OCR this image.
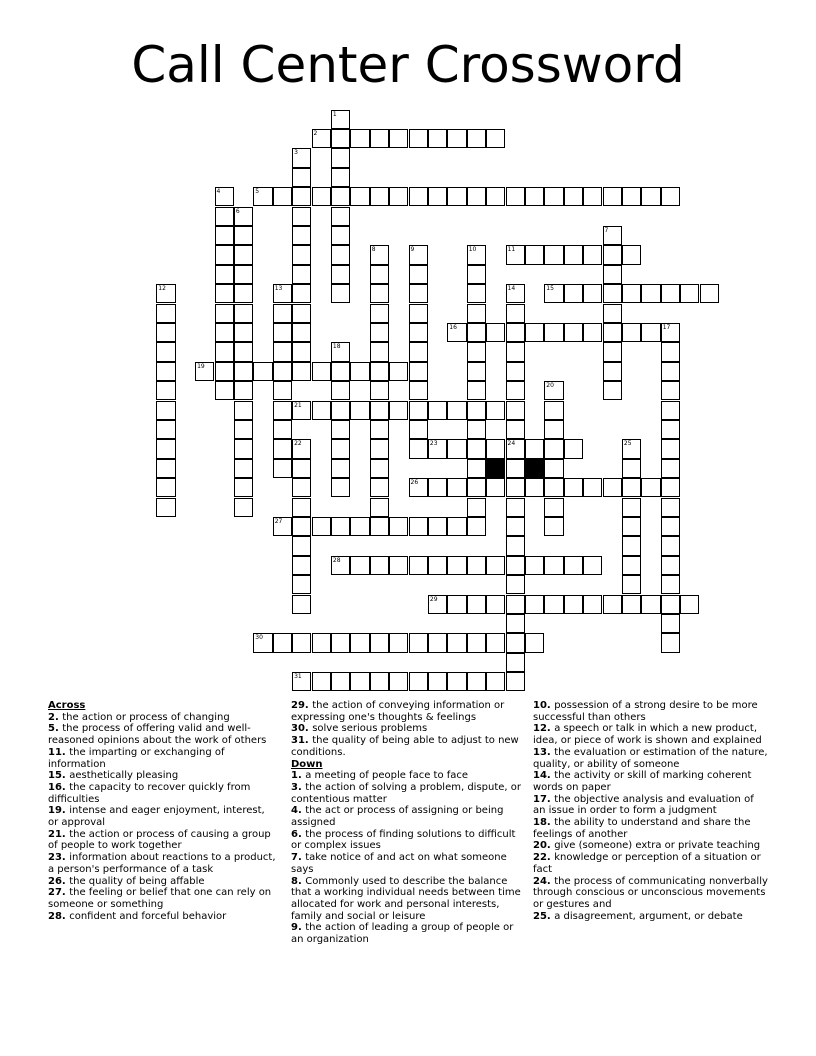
Call Center Crossword
2
5
11
15
16	17
19
21
23	24
26
27
28
29
30
31
1
3
4
6
7
8	9	10
12	13	14
18
20
22	25
Across
2. the action or process of changing
5. the process of offering valid and well-reasoned opinions about the work of others
11. the imparting or exchanging of information
15. aesthetically pleasing
16. the capacity to recover quickly from difficulties
19. intense and eager enjoyment, interest, or approval
21. the action or process of causing a group of people to work together
23. information about reactions to a product, a person's performance of a task
26. the quality of being affable
27. the feeling or belief that one can rely on someone or something
28. confident and forceful behavior
29. the action of conveying information or expressing one's thoughts & feelings
30. solve serious problems
31. the quality of being able to adjust to new conditions.
Down
1. a meeting of people face to face
3. the action of solving a problem, dispute, or contentious matter
4. the act or process of assigning or being assigned
6. the process of finding solutions to difficult or complex issues
7. take notice of and act on what someone says
8. Commonly used to describe the balance that a working individual needs between time allocated for work and personal interests, family and social or leisure
9. the action of leading a group of people or an organization
10. possession of a strong desire to be more successful than others
12. a speech or talk in which a new product, idea, or piece of work is shown and explained
13. the evaluation or estimation of the nature, quality, or ability of someone
14. the activity or skill of marking coherent words on paper
17. the objective analysis and evaluation of an issue in order to form a judgment
18. the ability to understand and share the feelings of another
20. give (someone) extra or private teaching
22. knowledge or perception of a situation or fact
24. the process of communicating nonverbally through conscious or unconscious movements or gestures and
25. a disagreement, argument, or debate
